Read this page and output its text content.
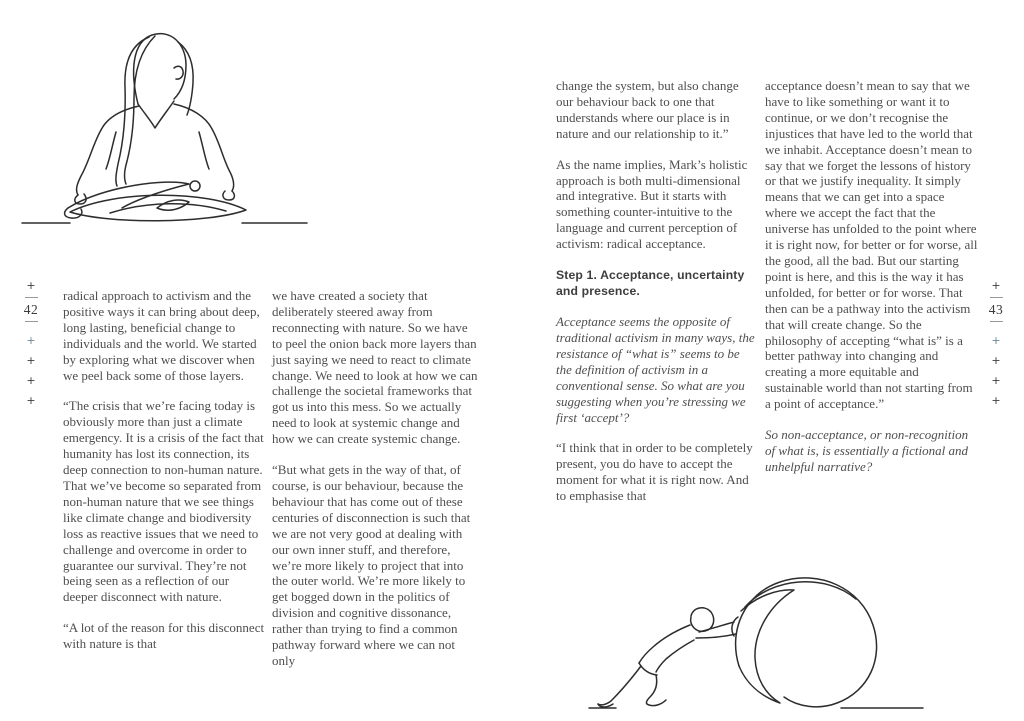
+
42
+
+
+
+

radical approach to activism and the positive ways it can bring about deep, long lasting, beneficial change to individuals and the world. We started by exploring what we discover when we peel back some of those layers.

“The crisis that we’re facing today is obviously more than just a climate emergency. It is a crisis of the fact that humanity has lost its connection, its deep connection to non-human nature. That we’ve become so separated from non-human nature that we see things like climate change and biodiversity loss as reactive issues that we need to challenge and overcome in order to guarantee our survival. They’re not being seen as a reflection of our deeper disconnect with nature.

“A lot of the reason for this disconnect with nature is that

we have created a society that deliberately steered away from reconnecting with nature. So we have to peel the onion back more layers than just saying we need to react to climate change. We need to look at how we can challenge the societal frameworks that got us into this mess. So we actually need to look at systemic change and how we can create systemic change.

“But what gets in the way of that, of course, is our behaviour, because the behaviour that has come out of these centuries of disconnection is such that we are not very good at dealing with our own inner stuff, and therefore, we’re more likely to project that into the outer world. We’re more likely to get bogged down in the politics of division and cognitive dissonance, rather than trying to find a common pathway forward where we can not only

change the system, but also change our behaviour back to one that understands where our place is in nature and our relationship to it.”

As the name implies, Mark’s holistic approach is both multi-dimensional and integrative. But it starts with something counter-intuitive to the language and current perception of activism: radical acceptance.

Step 1. Acceptance, uncertainty and presence.

Acceptance seems the opposite of traditional activism in many ways, the resistance of “what is” seems to be the definition of activism in a conventional sense. So what are you suggesting when you’re stressing we first ‘accept’?

“I think that in order to be completely present, you do have to accept the moment for what it is right now. And to emphasise that

acceptance doesn’t mean to say that we have to like something or want it to continue, or we don’t recognise the injustices that have led to the world that we inhabit. Acceptance doesn’t mean to say that we forget the lessons of history or that we justify inequality. It simply means that we can get into a space where we accept the fact that the universe has unfolded to the point where it is right now, for better or for worse, all the good, all the bad. But our starting point is here, and this is the way it has unfolded, for better or for worse. That then can be a pathway into the activism that will create change. So the philosophy of accepting “what is” is a better pathway into changing and creating a more equitable and sustainable world than not starting from a point of acceptance.”

So non-acceptance, or non-recognition of what is, is essentially a fictional and unhelpful narrative?

+
43
+
+
+
+
